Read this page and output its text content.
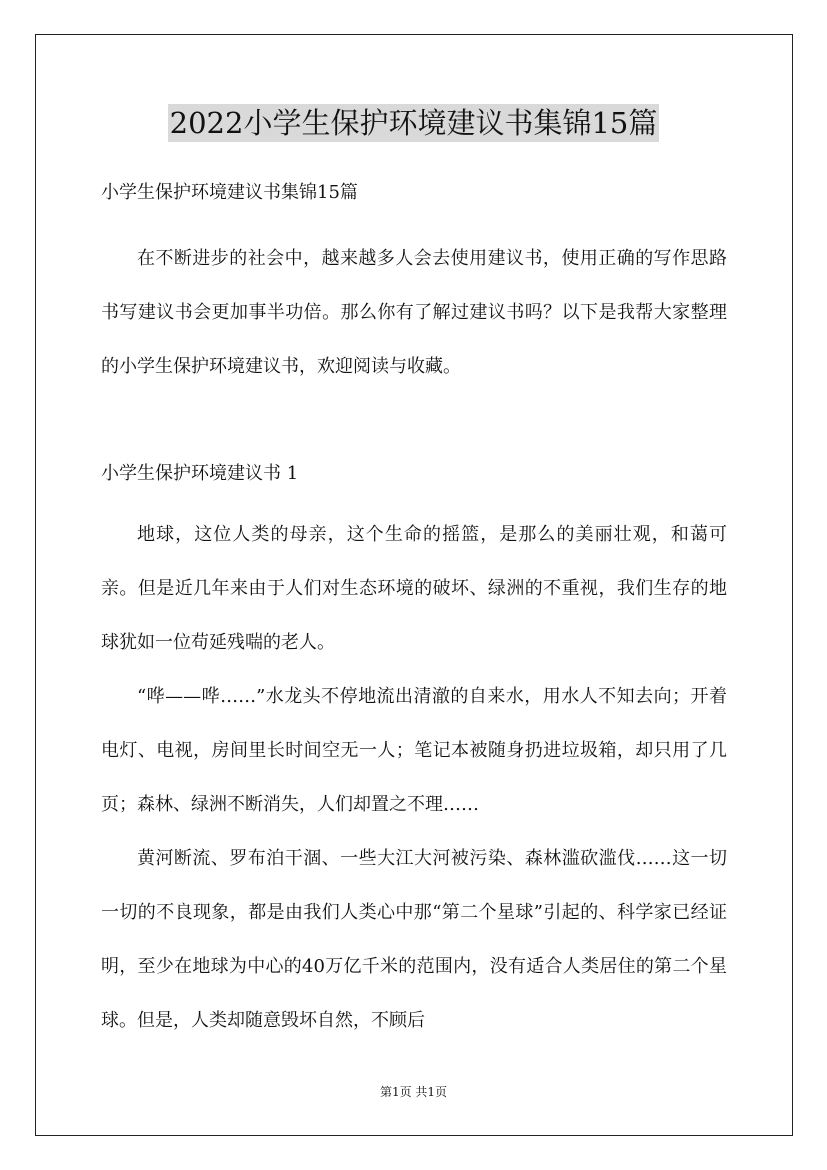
2022小学生保护环境建议书集锦15篇

小学生保护环境建议书集锦15篇

在不断进步的社会中，越来越多人会去使用建议书，使用正确的写作思路书写建议书会更加事半功倍。那么你有了解过建议书吗？以下是我帮大家整理的小学生保护环境建议书，欢迎阅读与收藏。

小学生保护环境建议书 1

地球，这位人类的母亲，这个生命的摇篮，是那么的美丽壮观，和蔼可亲。但是近几年来由于人们对生态环境的破坏、绿洲的不重视，我们生存的地球犹如一位苟延残喘的老人。

“哗——哗……”水龙头不停地流出清澈的自来水，用水人不知去向；开着电灯、电视，房间里长时间空无一人；笔记本被随身扔进垃圾箱，却只用了几页；森林、绿洲不断消失，人们却置之不理……

黄河断流、罗布泊干涸、一些大江大河被污染、森林滥砍滥伐……这一切一切的不良现象，都是由我们人类心中那“第二个星球”引起的、科学家已经证明，至少在地球为中心的40万亿千米的范围内，没有适合人类居住的第二个星球。但是，人类却随意毁坏自然，不顾后

第1页 共1页
